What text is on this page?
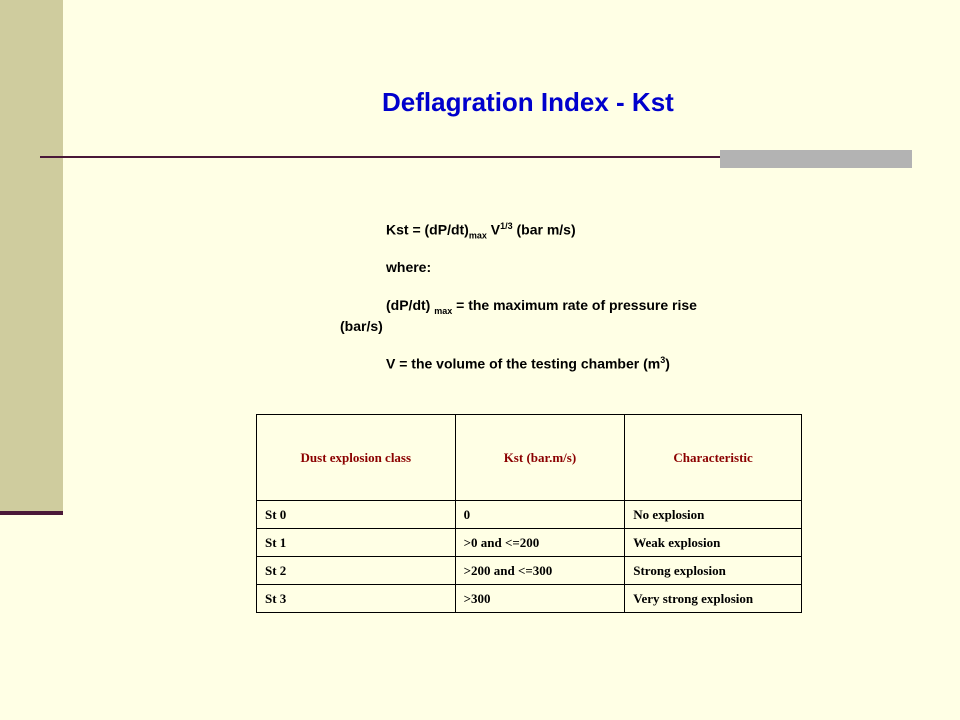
Deflagration Index - Kst
Kst = $(dP/dt)_{max}$ $V^{1/3}$ (bar m/s)
where:
(dP/dt) $_{max}$ = the maximum rate of pressure rise
(bar/s)
V = the volume of the testing chamber $(m^3)$
Dust explosion class	Kst (bar.m/s)	Characteristic
St 0	0	No explosion
St 1	>0 and <=200	Weak explosion
St 2	>200 and <=300	Strong explosion
St 3	>300	Very strong explosion
